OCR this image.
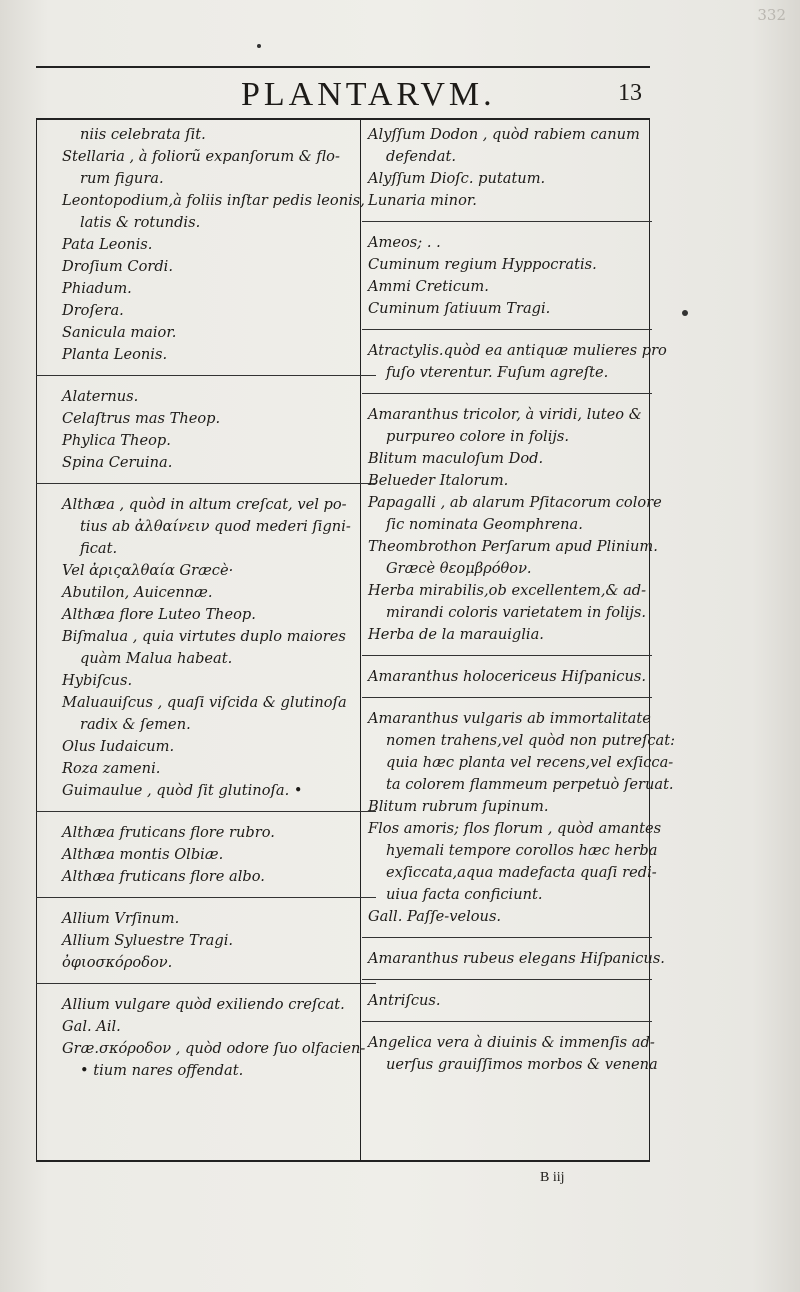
332
PLANTARVM.	13
niis celebrata ſit.
Stellaria , à foliorũ expanſorum & flo-
rum figura.
Leontopodium,à foliis inſtar pedis leonis,
latis & rotundis.
Pata Leonis.
Droſium Cordi.
Phiadum.
Droſera.
Sanicula maior.
Planta Leonis.
Alaternus.
Celaſtrus mas Theop.
Phylica Theop.
Spina Ceruina.
Althæa , quòd in altum creſcat, vel po-
tius ab ἀλθαίνειν quod mederi ſigni-
ficat.
Vel ἀριςαλθαία Græcè·
Abutilon, Auicennæ.
Althæa flore Luteo Theop.
Biſmalua , quia virtutes duplo maiores
quàm Malua habeat.
Hybiſcus.
Maluauiſcus , quaſi viſcida & glutinoſa
radix & ſemen.
Olus Iudaicum.
Roza zameni.
Guimaulue , quòd ſit glutinoſa. •
Althæa fruticans flore rubro.
Althæa montis Olbiæ.
Althæa fruticans flore albo.
Allium Vrſinum.
Allium Syluestre Tragi.
ὀφιοσκόροδον.
Allium vulgare quòd exiliendo creſcat.
Gal. Ail.
Græ.σκόροδον , quòd odore ſuo olfacien-
• tium nares offendat.
Alyſſum Dodon , quòd rabiem canum
defendat.
Alyſſum Dioſc. putatum.
Lunaria minor.
Ameos; . .
Cuminum regium Hyppocratis.
Ammi Creticum.
Cuminum ſatiuum Tragi.
Atractylis.quòd ea antiquæ mulieres pro
fuſo vterentur. Fuſum agreſte.
Amaranthus tricolor, à viridi, luteo &
purpureo colore in folijs.
Blitum maculoſum Dod.
Belueder Italorum.
Papagalli , ab alarum Pſitacorum colore
ſic nominata Geomphrena.
Theombrothon Perſarum apud Plinium.
Græcè θεομβρόθον.
Herba mirabilis,ob excellentem,& ad-
mirandi coloris varietatem in folijs.
Herba de la marauiglia.
Amaranthus holocericeus Hiſpanicus.
Amaranthus vulgaris ab immortalitate
nomen trahens,vel quòd non putreſcat:
quia hæc planta vel recens,vel exſicca-
ta colorem flammeum perpetuò ſeruat.
Blitum rubrum ſupinum.
Flos amoris; flos florum , quòd amantes
hyemali tempore corollos hæc herba
exſiccata,aqua madefacta quaſi redi-
uiua facta conficiunt.
Gall. Paſſe-velous.
Amaranthus rubeus elegans Hiſpanicus.
Antriſcus.
Angelica vera à diuinis & immenſis ad-
uerſus grauiſſimos morbos & venena
B iij
